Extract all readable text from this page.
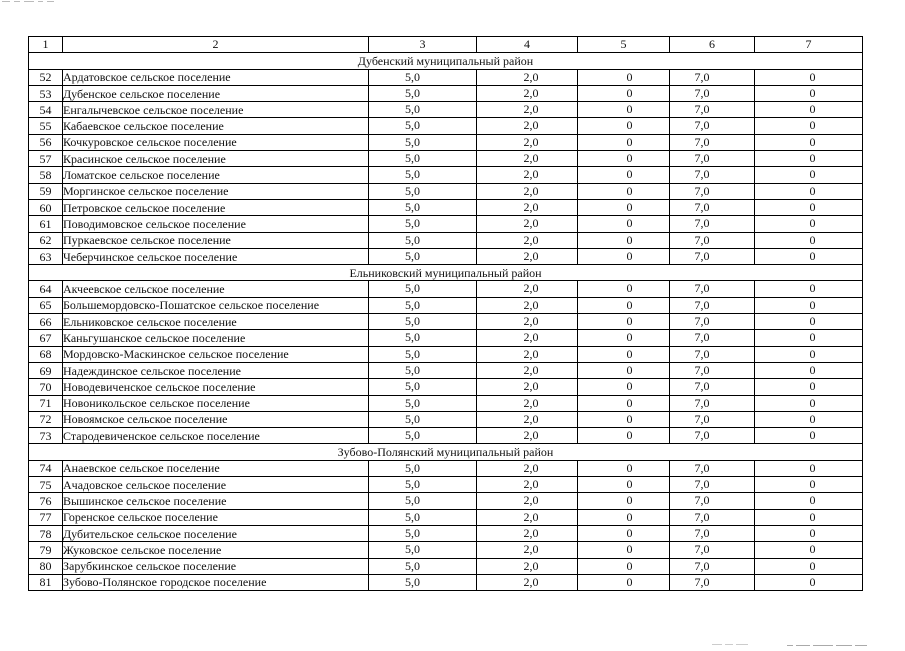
1	2	3	4	5	6	7
Дубенский муниципальный район						
52	Ардатовское сельское поселение	5,0	2,0	0	7,0	0
53	Дубенское сельское поселение	5,0	2,0	0	7,0	0
54	Енгалычевское сельское поселение	5,0	2,0	0	7,0	0
55	Кабаевское сельское поселение	5,0	2,0	0	7,0	0
56	Кочкуровское сельское поселение	5,0	2,0	0	7,0	0
57	Красинское сельское поселение	5,0	2,0	0	7,0	0
58	Ломатское сельское поселение	5,0	2,0	0	7,0	0
59	Моргинское сельское поселение	5,0	2,0	0	7,0	0
60	Петровское сельское поселение	5,0	2,0	0	7,0	0
61	Поводимовское сельское поселение	5,0	2,0	0	7,0	0
62	Пуркаевское сельское поселение	5,0	2,0	0	7,0	0
63	Чеберчинское сельское поселение	5,0	2,0	0	7,0	0
Ельниковский муниципальный район						
64	Акчеевское сельское поселение	5,0	2,0	0	7,0	0
65	Большемордовско-Пошатское сельское поселение	5,0	2,0	0	7,0	0
66	Ельниковское сельское поселение	5,0	2,0	0	7,0	0
67	Каньгушанское сельское поселение	5,0	2,0	0	7,0	0
68	Мордовско-Маскинское сельское поселение	5,0	2,0	0	7,0	0
69	Надеждинское сельское поселение	5,0	2,0	0	7,0	0
70	Новодевиченское сельское поселение	5,0	2,0	0	7,0	0
71	Новоникольское сельское поселение	5,0	2,0	0	7,0	0
72	Новоямское сельское поселение	5,0	2,0	0	7,0	0
73	Стародевиченское сельское поселение	5,0	2,0	0	7,0	0
Зубово-Полянский муниципальный район						
74	Анаевское сельское поселение	5,0	2,0	0	7,0	0
75	Ачадовское сельское поселение	5,0	2,0	0	7,0	0
76	Вышинское сельское поселение	5,0	2,0	0	7,0	0
77	Горенское сельское поселение	5,0	2,0	0	7,0	0
78	Дубительское сельское поселение	5,0	2,0	0	7,0	0
79	Жуковское сельское поселение	5,0	2,0	0	7,0	0
80	Зарубкинское сельское поселение	5,0	2,0	0	7,0	0
81	Зубово-Полянское городское поселение	5,0	2,0	0	7,0	0
